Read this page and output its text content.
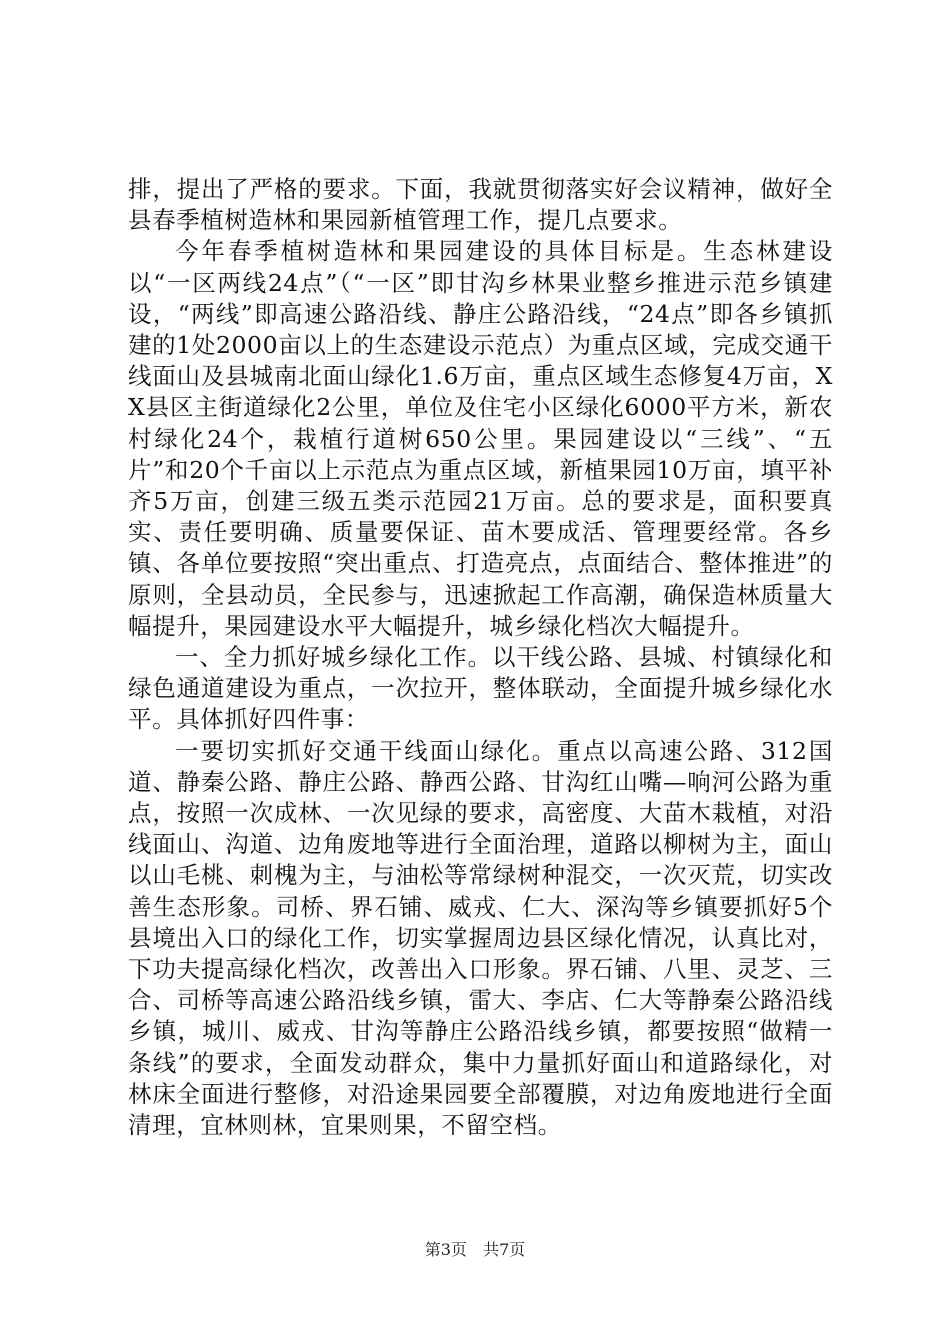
排，提出了严格的要求。下面，我就贯彻落实好会议精神，做好全县春季植树造林和果园新植管理工作，提几点要求。

今年春季植树造林和果园建设的具体目标是。生态林建设以“一区两线24点”（“一区”即甘沟乡林果业整乡推进示范乡镇建设，“两线”即高速公路沿线、静庄公路沿线，“24点”即各乡镇抓建的1处2000亩以上的生态建设示范点）为重点区域，完成交通干线面山及县城南北面山绿化1.6万亩，重点区域生态修复4万亩，XX县区主街道绿化2公里，单位及住宅小区绿化6000平方米，新农村绿化24个，栽植行道树650公里。果园建设以“三线”、“五片”和20个千亩以上示范点为重点区域，新植果园10万亩，填平补齐5万亩，创建三级五类示范园21万亩。总的要求是，面积要真实、责任要明确、质量要保证、苗木要成活、管理要经常。各乡镇、各单位要按照“突出重点、打造亮点，点面结合、整体推进”的原则，全县动员，全民参与，迅速掀起工作高潮，确保造林质量大幅提升，果园建设水平大幅提升，城乡绿化档次大幅提升。

一、全力抓好城乡绿化工作。以干线公路、县城、村镇绿化和绿色通道建设为重点，一次拉开，整体联动，全面提升城乡绿化水平。具体抓好四件事：

一要切实抓好交通干线面山绿化。重点以高速公路、312国道、静秦公路、静庄公路、静西公路、甘沟红山嘴—响河公路为重点，按照一次成林、一次见绿的要求，高密度、大苗木栽植，对沿线面山、沟道、边角废地等进行全面治理，道路以柳树为主，面山以山毛桃、刺槐为主，与油松等常绿树种混交，一次灭荒，切实改善生态形象。司桥、界石铺、威戎、仁大、深沟等乡镇要抓好5个县境出入口的绿化工作，切实掌握周边县区绿化情况，认真比对，下功夫提高绿化档次，改善出入口形象。界石铺、八里、灵芝、三合、司桥等高速公路沿线乡镇，雷大、李店、仁大等静秦公路沿线乡镇，城川、威戎、甘沟等静庄公路沿线乡镇，都要按照“做精一条线”的要求，全面发动群众，集中力量抓好面山和道路绿化，对林床全面进行整修，对沿途果园要全部覆膜，对边角废地进行全面清理，宜林则林，宜果则果，不留空档。

第3页 共7页
